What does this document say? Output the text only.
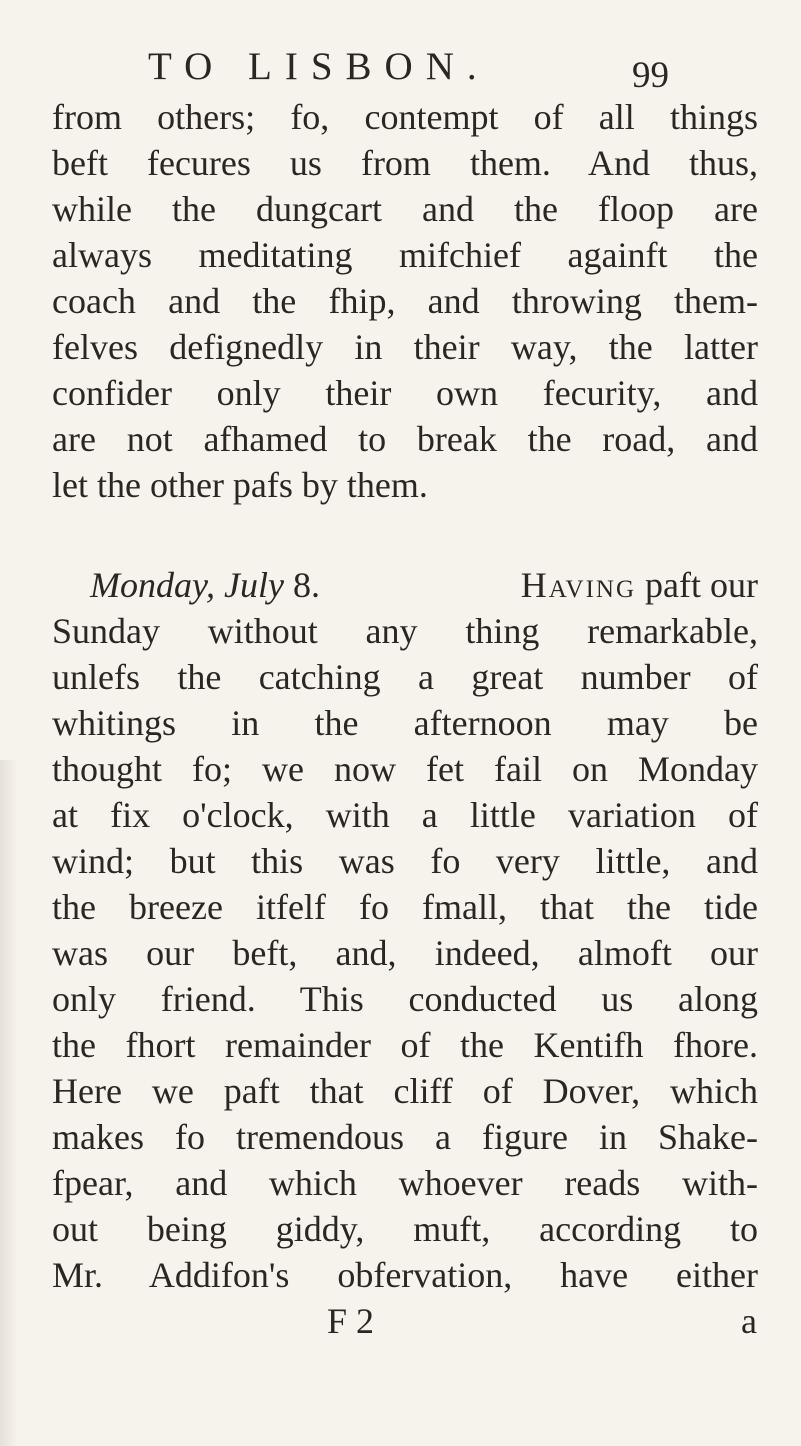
TO LISBON.	99
from others; fo, contempt of all things
beft fecures us from them. And thus,
while the dungcart and the floop are
always meditating mifchief againft the
coach and the fhip, and throwing them-
felves defignedly in their way, the latter
confider only their own fecurity, and
are not afhamed to break the road, and
let the other pafs by them.
Monday, July 8.	Having paft our
Sunday without any thing remarkable,
unlefs the catching a great number of
whitings in the afternoon may be
thought fo; we now fet fail on Monday
at fix o'clock, with a little variation of
wind; but this was fo very little, and
the breeze itfelf fo fmall, that the tide
was our beft, and, indeed, almoft our
only friend. This conducted us along
the fhort remainder of the Kentifh fhore.
Here we paft that cliff of Dover, which
makes fo tremendous a figure in Shake-
fpear, and which whoever reads with-
out being giddy, muft, according to
Mr. Addifon's obfervation, have either
F 2	a
